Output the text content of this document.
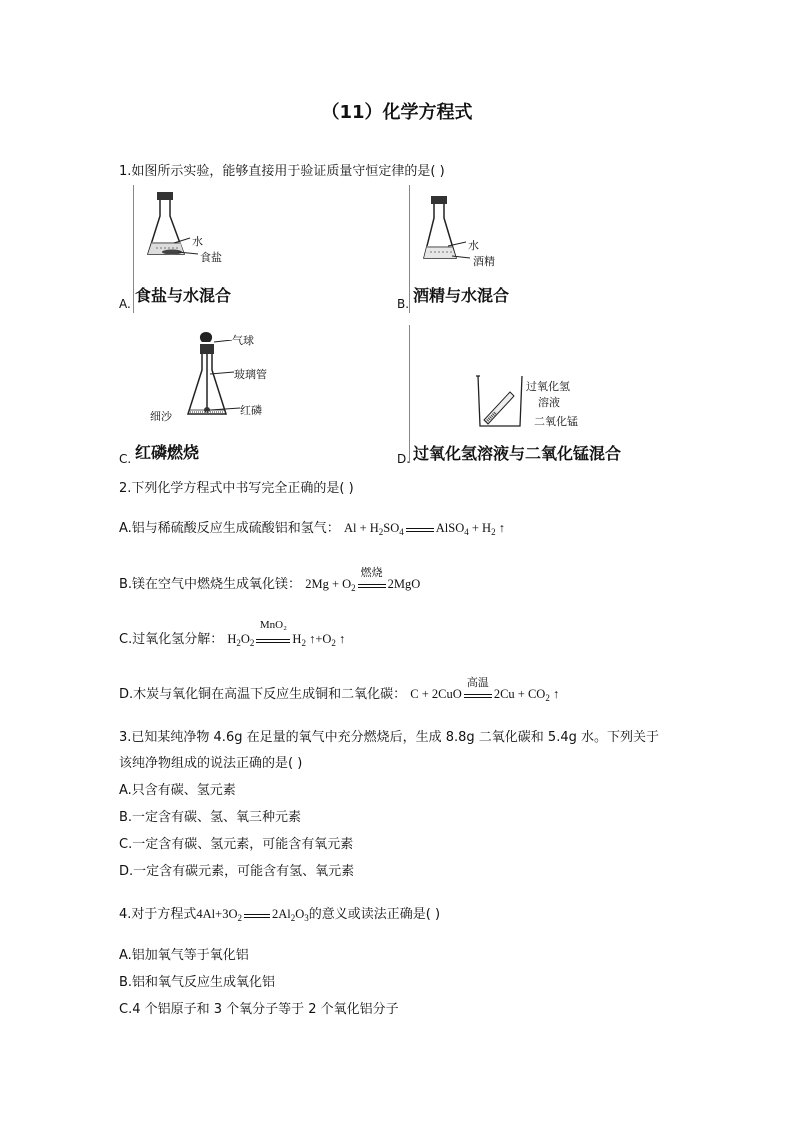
（11）化学方程式
1.如图所示实验，能够直接用于验证质量守恒定律的是( )
水
食盐
A. 食盐与水混合
水
酒精
B. 酒精与水混合
气球
玻璃管
细沙	红磷
C. 红磷燃烧
过氧化氢
溶液
二氧化锰
D. 过氧化氢溶液与二氧化锰混合
2.下列化学方程式中书写完全正确的是( )
A.铝与稀硫酸反应生成硫酸铝和氢气： $Al + H_2SO_4$	AlSO$_4$ + $H_2$ ↑
B.镁在空气中燃烧生成氧化镁： $2Mg + O_2$
燃烧
2MgO
C.过氧化氢分解： $H_2O_2$
MnO₂
$H_2$ $↑+O_2$ ↑
D.木炭与氧化铜在高温下反应生成铜和二氧化碳： C + 2CuO
高温
$2Cu + CO_2$ ↑
3.已知某纯净物 4.6g 在足量的氧气中充分燃烧后，生成 8.8g 二氧化碳和 5.4g 水。下列关于
该纯净物组成的说法正确的是( )
A.只含有碳、氢元素
B.一定含有碳、氢、氧三种元素
C.一定含有碳、氢元素，可能含有氧元素
D.一定含有碳元素，可能含有氢、氧元素
4.对于方程式$4Al+3O_2$ $2Al_2O_3$的意义或读法正确是( )
A.铝加氧气等于氧化铝
B.铝和氧气反应生成氧化铝
C.4 个铝原子和 3 个氧分子等于 2 个氧化铝分子
